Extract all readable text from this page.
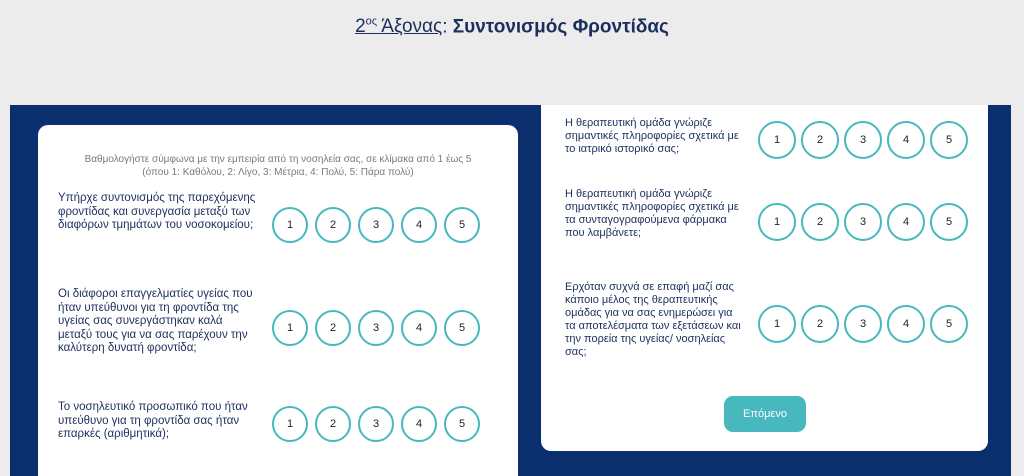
$2^{o\varsigma}$ Άξονας: Συντονισμός Φροντίδας
Βαθμολογήστε σύμφωνα με την εμπειρία από τη νοσηλεία σας, σε κλίμακα από 1 έως 5
(όπου 1: Καθόλου, 2: Λίγο, 3: Μέτρια, 4: Πολύ, 5: Πάρα πολύ)
Υπήρχε συντονισμός της παρεχόμενης φροντίδας και συνεργασία μεταξύ των διαφόρων τμημάτων του νοσοκομείου;	1	2	3	4	5
Οι διάφοροι επαγγελματίες υγείας που ήταν υπεύθυνοι για τη φροντίδα της υγείας σας συνεργάστηκαν καλά μεταξύ τους για να σας παρέχουν την καλύτερη δυνατή φροντίδα;
1	2	3	4	5
Το νοσηλευτικό προσωπικό που ήταν υπεύθυνο για τη φροντίδα σας ήταν επαρκές (αριθμητικά);
1	2	3	4	5
Η θεραπευτική ομάδα γνώριζε σημαντικές πληροφορίες σχετικά με το ιατρικό ιστορικό σας;
1	2	3	4	5
Η θεραπευτική ομάδα γνώριζε σημαντικές πληροφορίες σχετικά με τα συνταγογραφούμενα φάρμακα που λαμβάνετε;
1	2	3	4	5
Ερχόταν συχνά σε επαφή μαζί σας κάποιο μέλος της θεραπευτικής ομάδας για να σας ενημερώσει για τα αποτελέσματα των εξετάσεων και την πορεία της υγείας/ νοσηλείας σας;
1	2	3	4	5
Επόμενο
